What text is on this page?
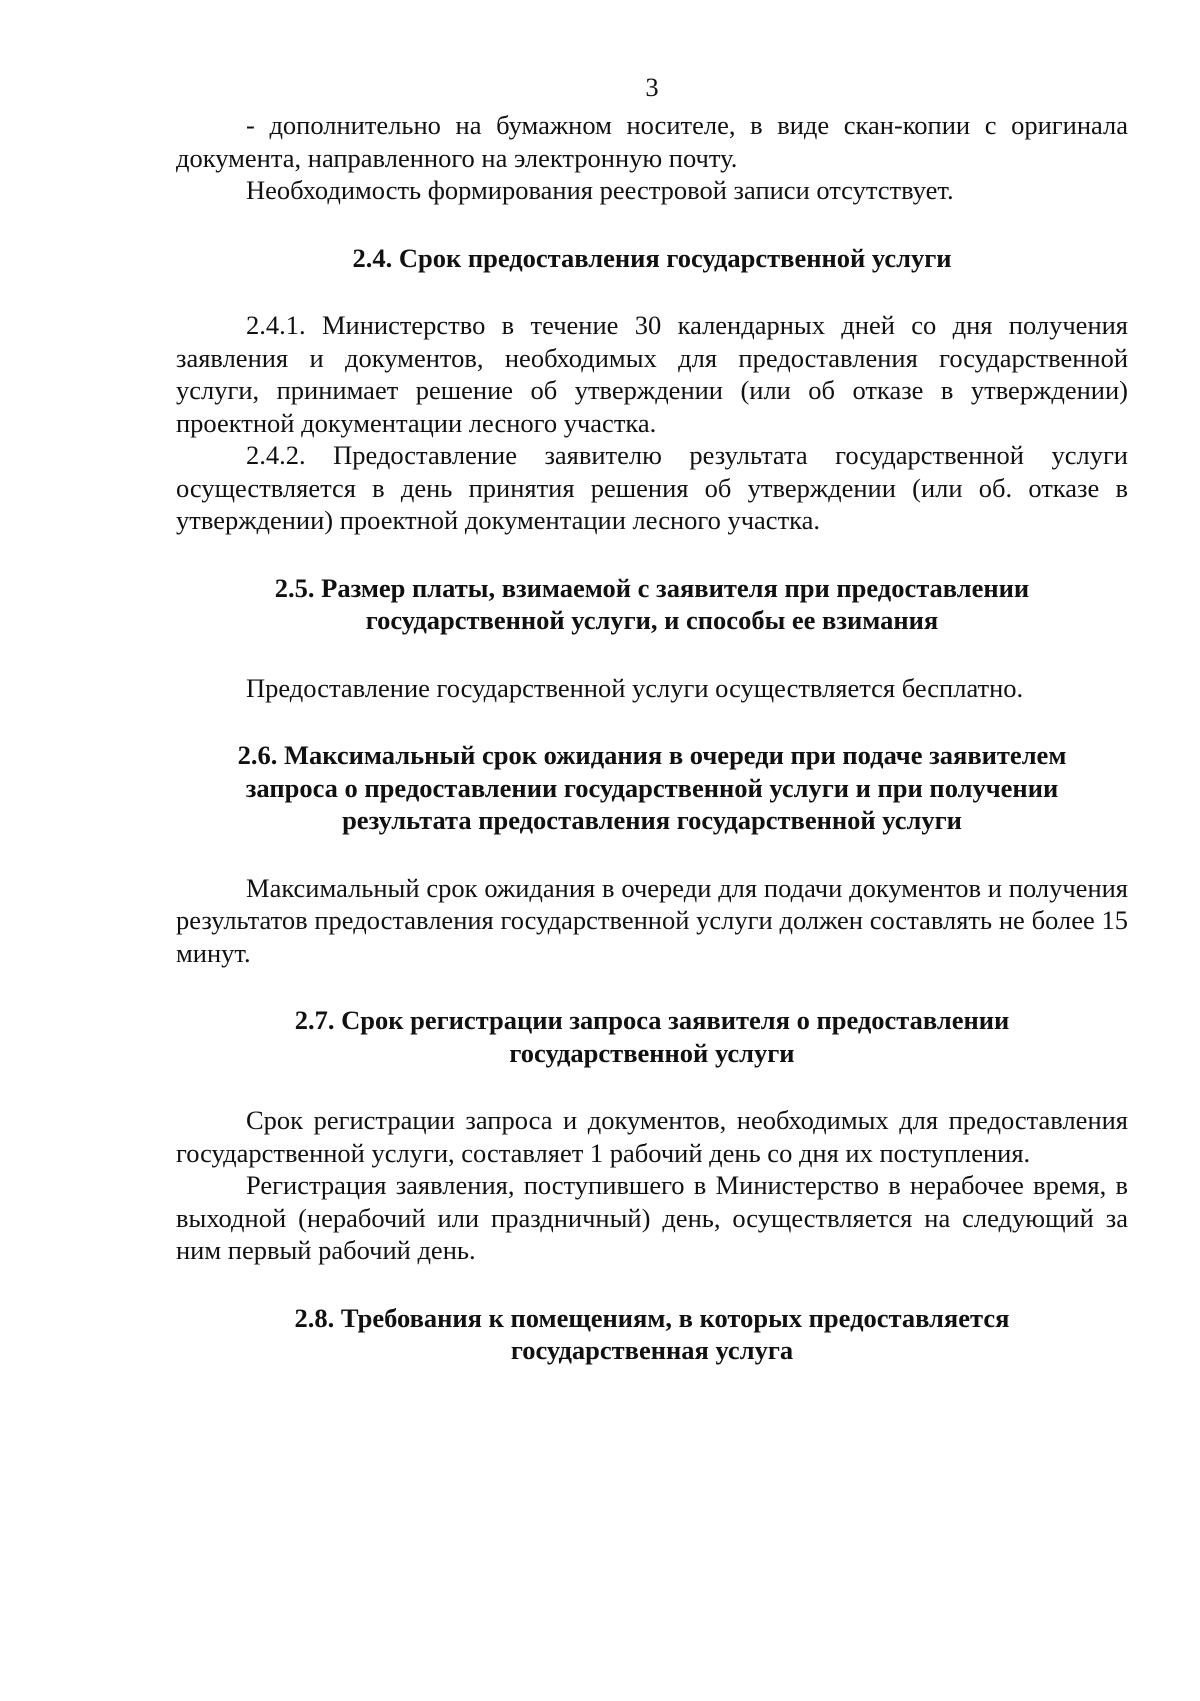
3

- дополнительно на бумажном носителе, в виде скан-копии с оригинала документа, направленного на электронную почту.

Необходимость формирования реестровой записи отсутствует.

2.4. Срок предоставления государственной услуги

2.4.1. Министерство в течение 30 календарных дней со дня получения заявления и документов, необходимых для предоставления государственной услуги, принимает решение об утверждении (или об отказе в утверждении) проектной документации лесного участка.

2.4.2. Предоставление заявителю результата государственной услуги осуществляется в день принятия решения об утверждении (или об. отказе в утверждении) проектной документации лесного участка.

2.5. Размер платы, взимаемой с заявителя при предоставлении
государственной услуги, и способы ее взимания

Предоставление государственной услуги осуществляется бесплатно.

2.6. Максимальный срок ожидания в очереди при подаче заявителем
запроса о предоставлении государственной услуги и при получении
результата предоставления государственной услуги

Максимальный срок ожидания в очереди для подачи документов и получения результатов предоставления государственной услуги должен составлять не более 15 минут.

2.7. Срок регистрации запроса заявителя о предоставлении
государственной услуги

Срок регистрации запроса и документов, необходимых для предоставления государственной услуги, составляет 1 рабочий день со дня их поступления.

Регистрация заявления, поступившего в Министерство в нерабочее время, в выходной (нерабочий или праздничный) день, осуществляется на следующий за ним первый рабочий день.

2.8. Требования к помещениям, в которых предоставляется
государственная услуга
